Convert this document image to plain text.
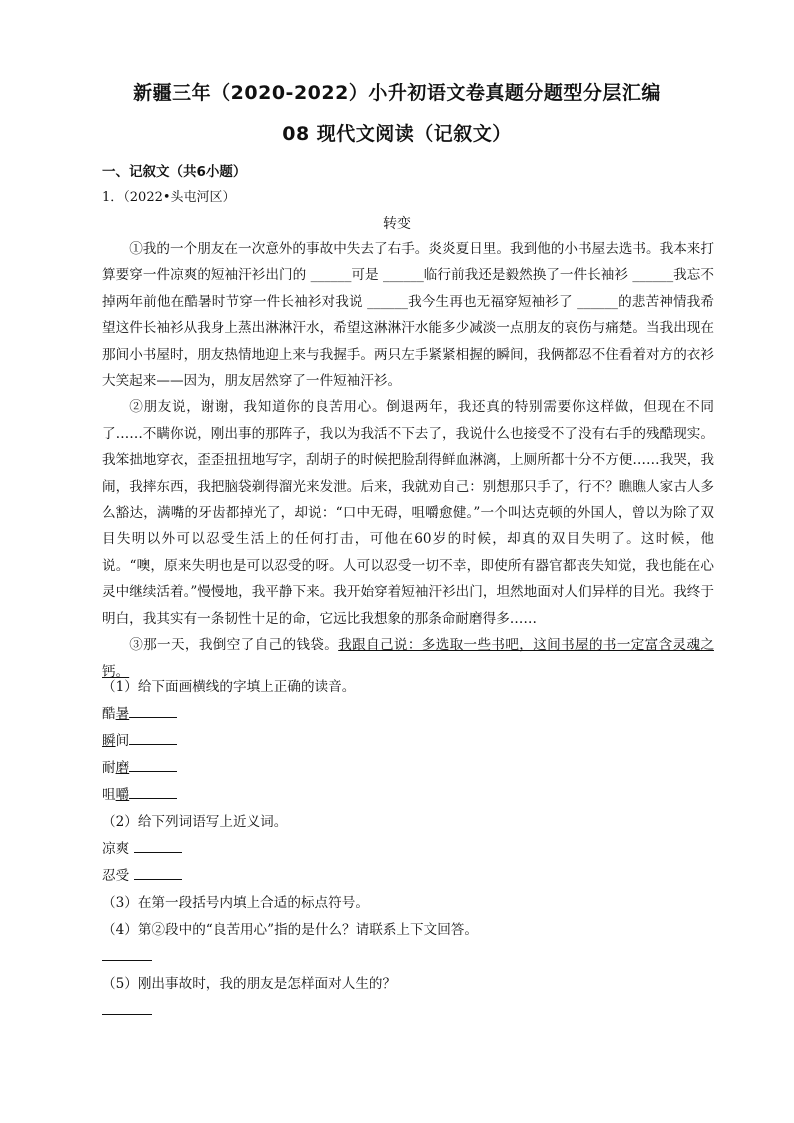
新疆三年（2020-2022）小升初语文卷真题分题型分层汇编
08 现代文阅读（记叙文）
一、记叙文（共6小题）
1．（2022•头屯河区）
转变

①我的一个朋友在一次意外的事故中失去了右手。炎炎夏日里。我到他的小书屋去选书。我本来打算要穿一件凉爽的短袖汗衫出门的 ______可是 ______临行前我还是毅然换了一件长袖衫 ______我忘不掉两年前他在酷暑时节穿一件长袖衫对我说 ______我今生再也无福穿短袖衫了 ______的悲苦神情我希望这件长袖衫从我身上蒸出淋淋汗水，希望这淋淋汗水能多少减淡一点朋友的哀伤与痛楚。当我出现在那间小书屋时，朋友热情地迎上来与我握手。两只左手紧紧相握的瞬间，我俩都忍不住看着对方的衣衫大笑起来——因为，朋友居然穿了一件短袖汗衫。

②朋友说，谢谢，我知道你的良苦用心。倒退两年，我还真的特别需要你这样做，但现在不同了……不瞒你说，刚出事的那阵子，我以为我活不下去了，我说什么也接受不了没有右手的残酷现实。我笨拙地穿衣，歪歪扭扭地写字，刮胡子的时候把脸刮得鲜血淋漓，上厕所都十分不方便……我哭，我闹，我摔东西，我把脑袋剃得溜光来发泄。后来，我就劝自己：别想那只手了，行不？瞧瞧人家古人多么豁达，满嘴的牙齿都掉光了，却说：“口中无碍，咀嚼愈健。”一个叫达克顿的外国人，曾以为除了双目失明以外可以忍受生活上的任何打击，可他在60岁的时候，却真的双目失明了。这时候，他说。“噢，原来失明也是可以忍受的呀。人可以忍受一切不幸，即使所有器官都丧失知觉，我也能在心灵中继续活着。”慢慢地，我平静下来。我开始穿着短袖汗衫出门，坦然地面对人们异样的目光。我终于明白，我其实有一条韧性十足的命，它远比我想象的那条命耐磨得多……

③那一天，我倒空了自己的钱袋。我跟自己说：多选取一些书吧，这间书屋的书一定富含灵魂之钙。

（1）给下面画横线的字填上正确的读音。
酷暑
瞬间
耐磨
咀嚼
（2）给下列词语写上近义词。
凉爽
忍受
（3）在第一段括号内填上合适的标点符号。
（4）第②段中的“良苦用心”指的是什么？请联系上下文回答。
（5）刚出事故时，我的朋友是怎样面对人生的？
